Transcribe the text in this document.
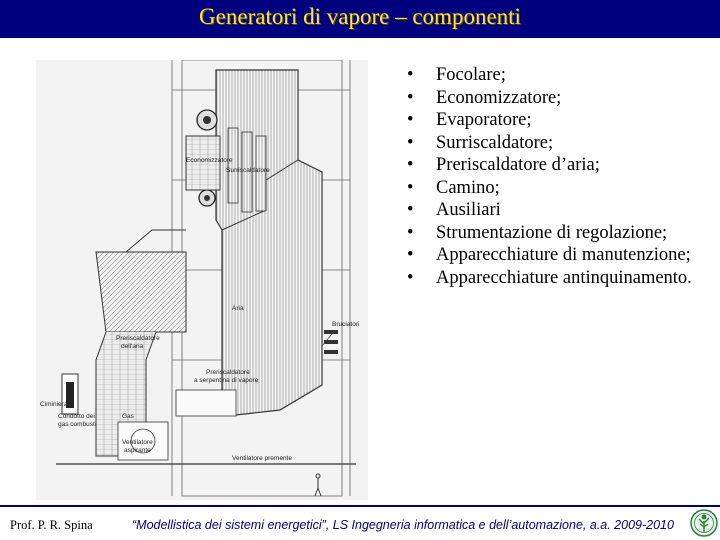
Generatori di vapore – componenti
Economizzatore
Surriscaldatore
Preriscaldatore
dell'aria
Preriscaldatore
a serpentina di vapore
Condotto dei
gas combusti
Gas
Ventilatore
aspirante
Ventilatore premente
Bruciatori
Aria
Ciminiera
• Focolare;
• Economizzatore;
• Evaporatore;
• Surriscaldatore;
• Preriscaldatore d’aria;
• Camino;
• Ausiliari
• Strumentazione di regolazione;
• Apparecchiature di manutenzione;
• Apparecchiature antinquinamento.
Prof. P. R. Spina	“Modellistica dei sistemi energetici”, LS Ingegneria informatica e dell’automazione, a.a. 2009-2010
